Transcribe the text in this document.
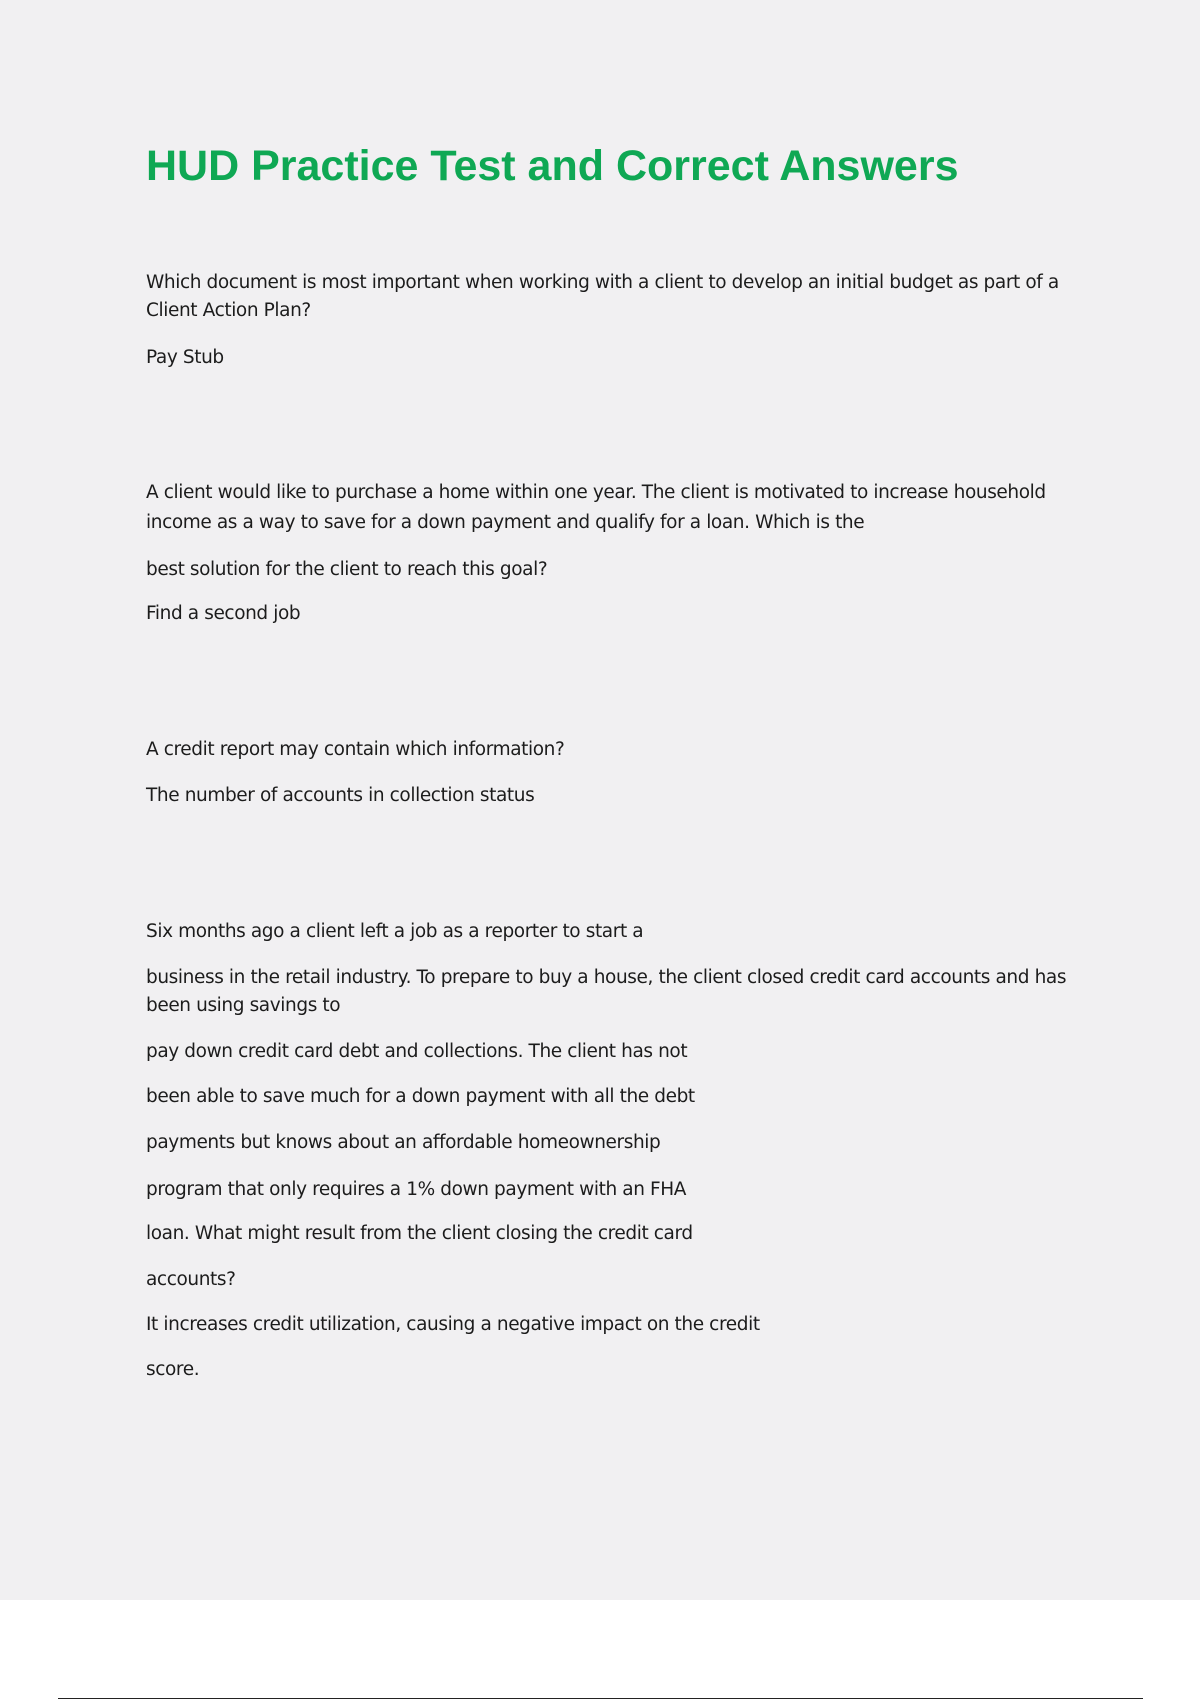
HUD Practice Test and Correct Answers

Which document is most important when working with a client to develop an initial budget as part of a

Client Action Plan?

Pay Stub

A client would like to purchase a home within one year. The client is motivated to increase household

income as a way to save for a down payment and qualify for a loan. Which is the

best solution for the client to reach this goal?

Find a second job

A credit report may contain which information?

The number of accounts in collection status

Six months ago a client left a job as a reporter to start a

business in the retail industry. To prepare to buy a house, the client closed credit card accounts and has

been using savings to

pay down credit card debt and collections. The client has not

been able to save much for a down payment with all the debt

payments but knows about an affordable homeownership

program that only requires a 1% down payment with an FHA

loan. What might result from the client closing the credit card

accounts?

It increases credit utilization, causing a negative impact on the credit

score.
